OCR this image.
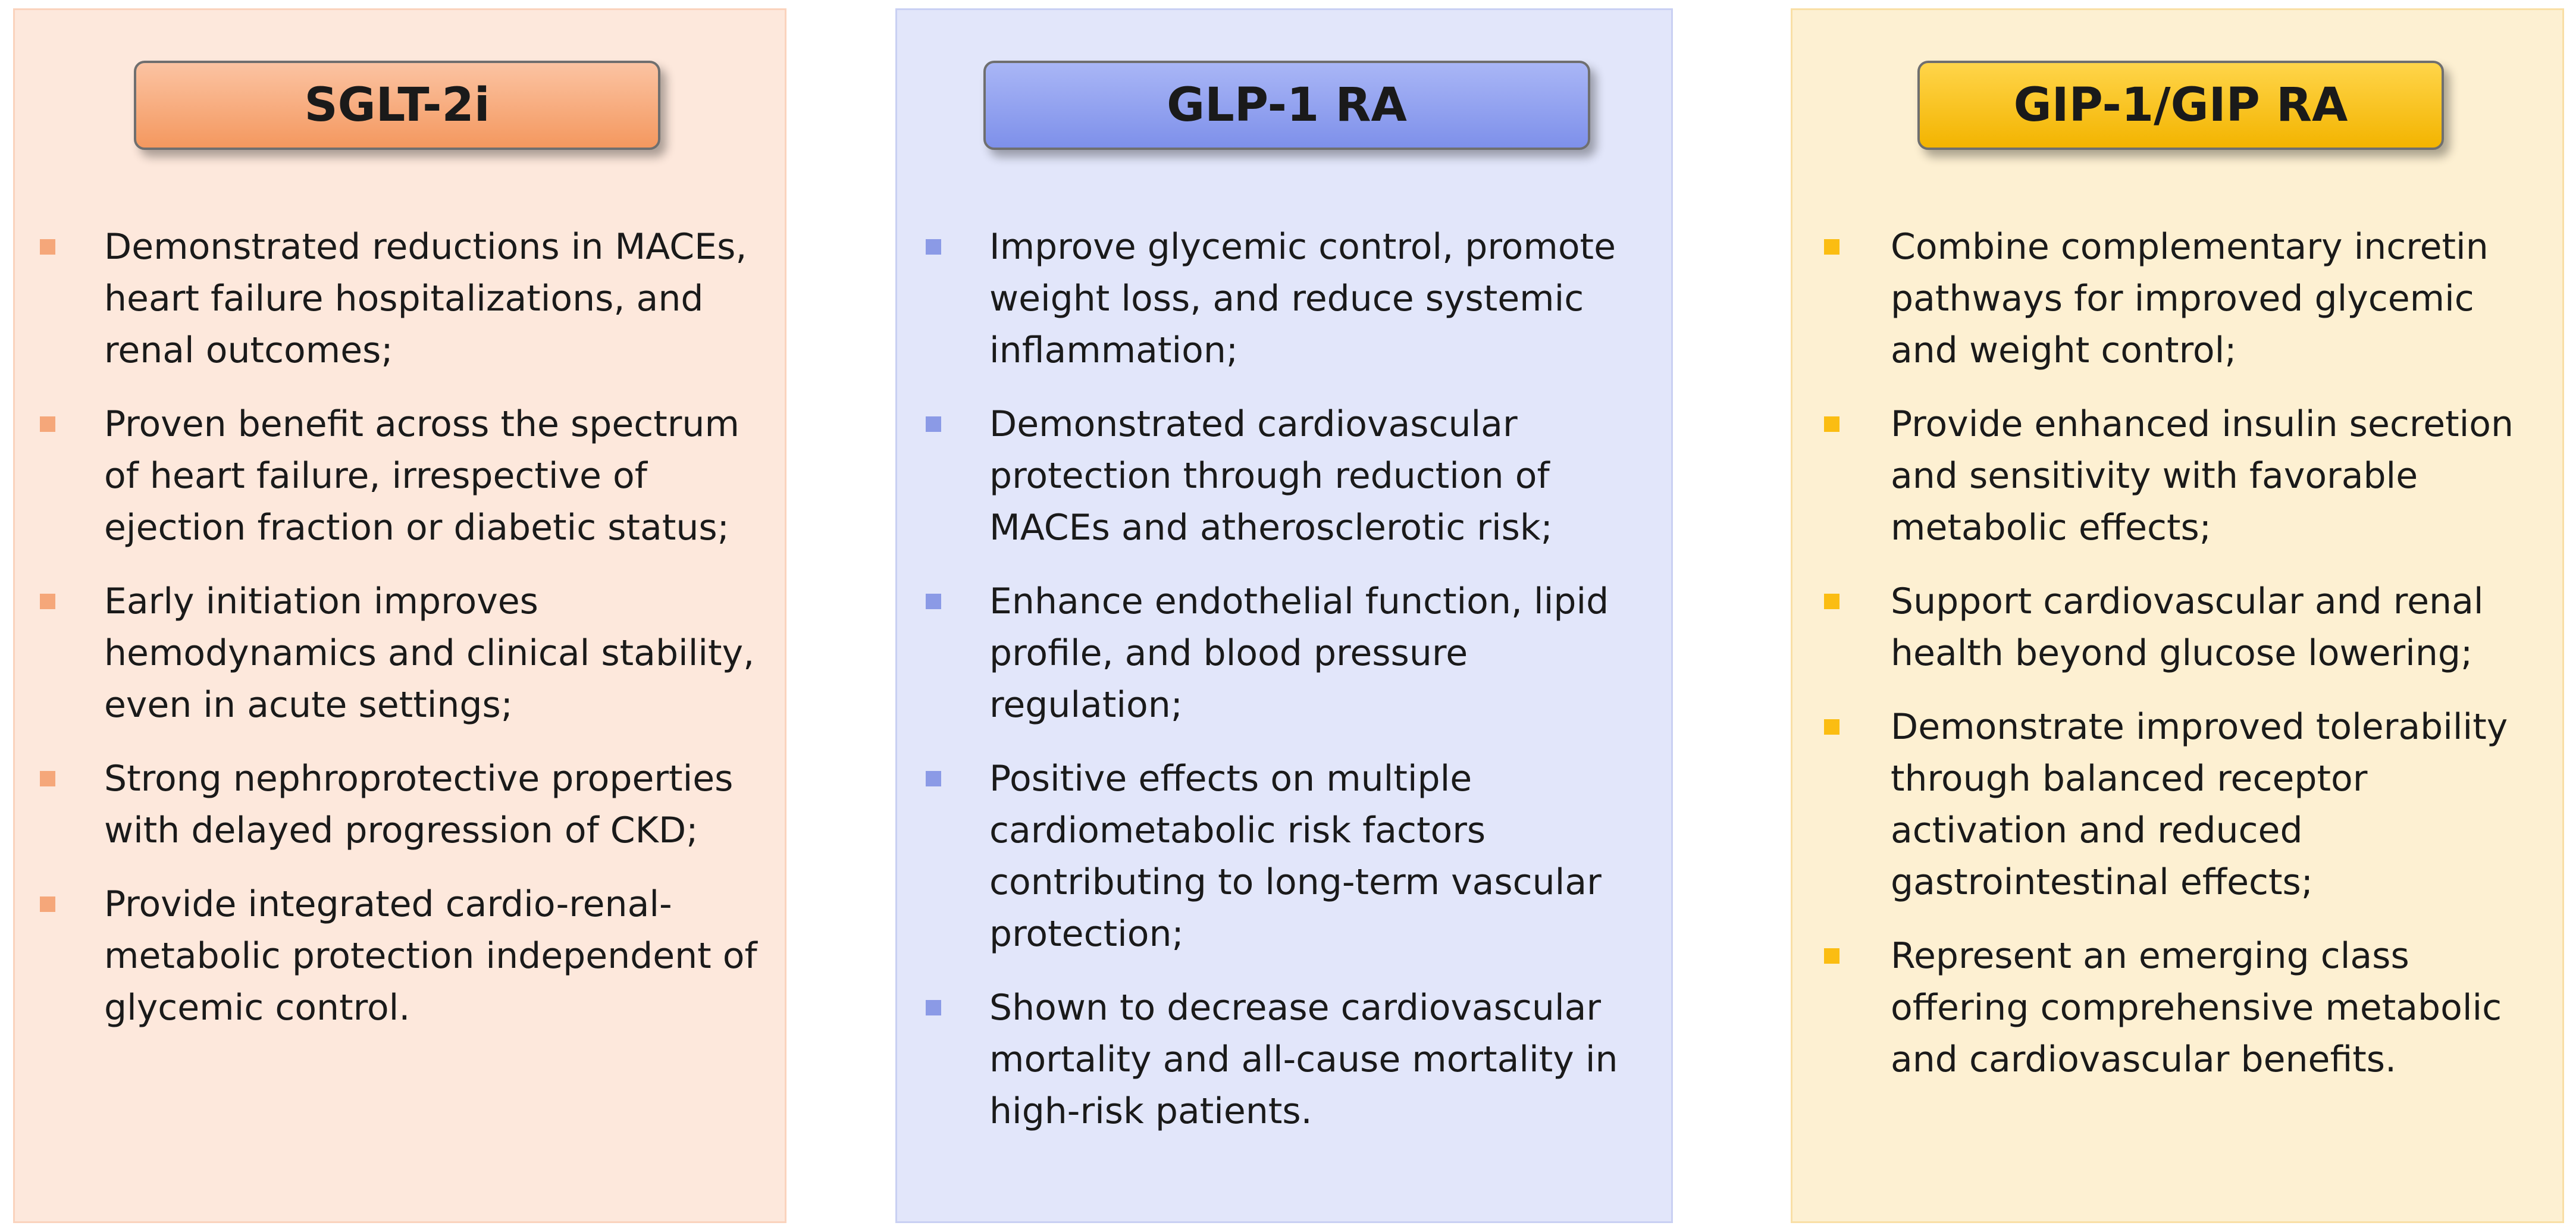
SGLT-2i
Demonstrated reductions in MACEs, heart failure hospitalizations, and renal outcomes;
Proven benefit across the spectrum of heart failure, irrespective of ejection fraction or diabetic status;
Early initiation improves hemodynamics and clinical stability, even in acute settings;
Strong nephroprotective properties with delayed progression of CKD;
Provide integrated cardio-renal-metabolic protection independent of glycemic control.
GLP-1 RA
Improve glycemic control, promote weight loss, and reduce systemic inflammation;
Demonstrated cardiovascular protection through reduction of MACEs and atherosclerotic risk;
Enhance endothelial function, lipid profile, and blood pressure regulation;
Positive effects on multiple cardiometabolic risk factors contributing to long-term vascular protection;
Shown to decrease cardiovascular mortality and all-cause mortality in high-risk patients.
GIP-1/GIP RA
Combine complementary incretin pathways for improved glycemic and weight control;
Provide enhanced insulin secretion and sensitivity with favorable metabolic effects;
Support cardiovascular and renal health beyond glucose lowering;
Demonstrate improved tolerability through balanced receptor activation and reduced gastrointestinal effects;
Represent an emerging class offering comprehensive metabolic and cardiovascular benefits.
